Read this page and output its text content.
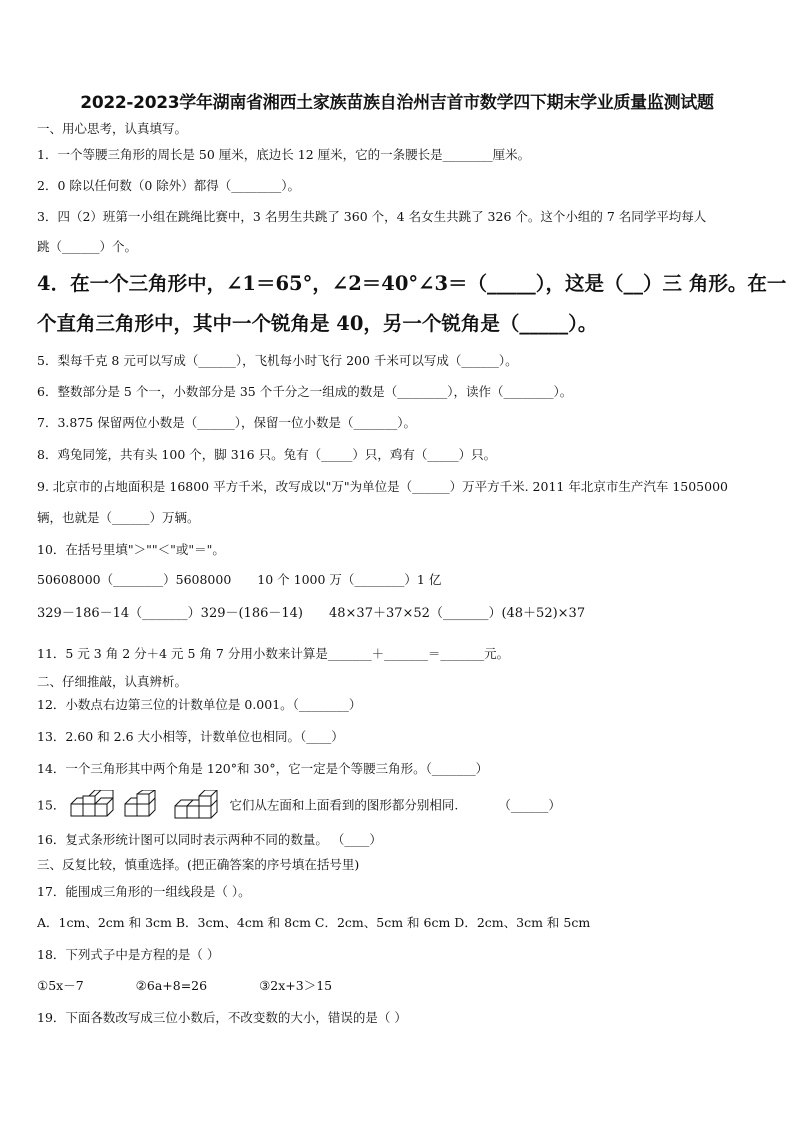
2022-2023学年湖南省湘西土家族苗族自治州吉首市数学四下期末学业质量监测试题
一、用心思考，认真填写。
1．一个等腰三角形的周长是 50 厘米，底边长 12 厘米，它的一条腰长是________厘米。
2．0 除以任何数（0 除外）都得（________）。
3．四（2）班第一小组在跳绳比赛中，3 名男生共跳了 360 个，4 名女生共跳了 326 个。这个小组的 7 名同学平均每人
跳（______）个。
4．在一个三角形中，∠1＝65°，∠2＝40°∠3＝（_____），这是（__）三 角形。在一
个直角三角形中，其中一个锐角是 40，另一个锐角是（_____）。
5．梨每千克 8 元可以写成（______），飞机每小时飞行 200 千米可以写成（______）。
6．整数部分是 5 个一，小数部分是 35 个千分之一组成的数是（________），读作（________）。
7．3.875 保留两位小数是（______），保留一位小数是（_______）。
8．鸡兔同笼，共有头 100 个，脚 316 只。兔有（_____）只，鸡有（_____）只。
9. 北京市的占地面积是 16800 平方千米，改写成以"万"为单位是（______）万平方千米. 2011 年北京市生产汽车 1505000
辆，也就是（______）万辆。
10．在括号里填"＞""＜"或"＝"。
50608000（________）5608000 10 个 1000 万（________）1 亿
329－186－14（_______）329－(186－14) 48×37＋37×52（_______）(48＋52)×37
11．5 元 3 角 2 分＋4 元 5 角 7 分用小数来计算是_______＋_______＝_______元。
二、仔细推敲，认真辨析。
12．小数点右边第三位的计数单位是 0.001。（________）
13．2.60 和 2.6 大小相等，计数单位也相同。（____）
14．一个三角形其中两个角是 120°和 30°，它一定是个等腰三角形。（_______）
15．	它们从左面和上面看到的图形都分别相同.	（______）
16．复式条形统计图可以同时表示两种不同的数量。 （____）
三、反复比较，慎重选择。(把正确答案的序号填在括号里)
17．能围成三角形的一组线段是（ ）。
A．1cm、2cm 和 3cm B．3cm、4cm 和 8cm C．2cm、5cm 和 6cm D．2cm、3cm 和 5cm
18．下列式子中是方程的是（ ）
①5x－7	②6a+8=26	③2x+3＞15
19．下面各数改写成三位小数后，不改变数的大小，错误的是（ ）
